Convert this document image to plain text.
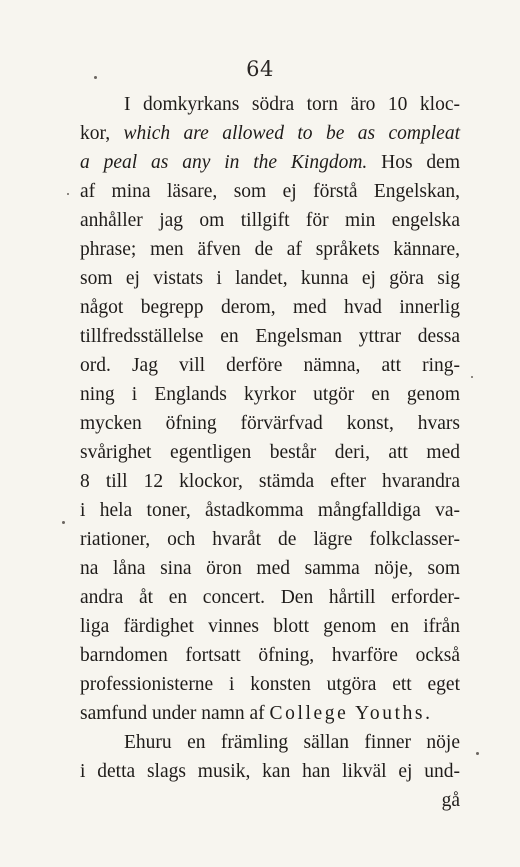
64
I domkyrkans södra torn äro 10 kloc-
kor, which are allowed to be as compleat
a peal as any in the Kingdom. Hos dem
af mina läsare, som ej förstå Engelskan,
anhåller jag om tillgift för min engelska
phrase; men äfven de af språkets kännare,
som ej vistats i landet, kunna ej göra sig
något begrepp derom, med hvad innerlig
tillfredsställelse en Engelsman yttrar dessa
ord. Jag vill derföre nämna, att ring-
ning i Englands kyrkor utgör en genom
mycken öfning förvärfvad konst, hvars
svårighet egentligen består deri, att med
8 till 12 klockor, stämda efter hvarandra
i hela toner, åstadkomma mångfalldiga va-
riationer, och hvaråt de lägre folkclasser-
na låna sina öron med samma nöje, som
andra åt en concert. Den hårtill erforder-
liga färdighet vinnes blott genom en ifrån
barndomen fortsatt öfning, hvarföre också
professionisterne i konsten utgöra ett eget
samfund under namn af College Youths.
Ehuru en främling sällan finner nöje
i detta slags musik, kan han likväl ej und-
gå
